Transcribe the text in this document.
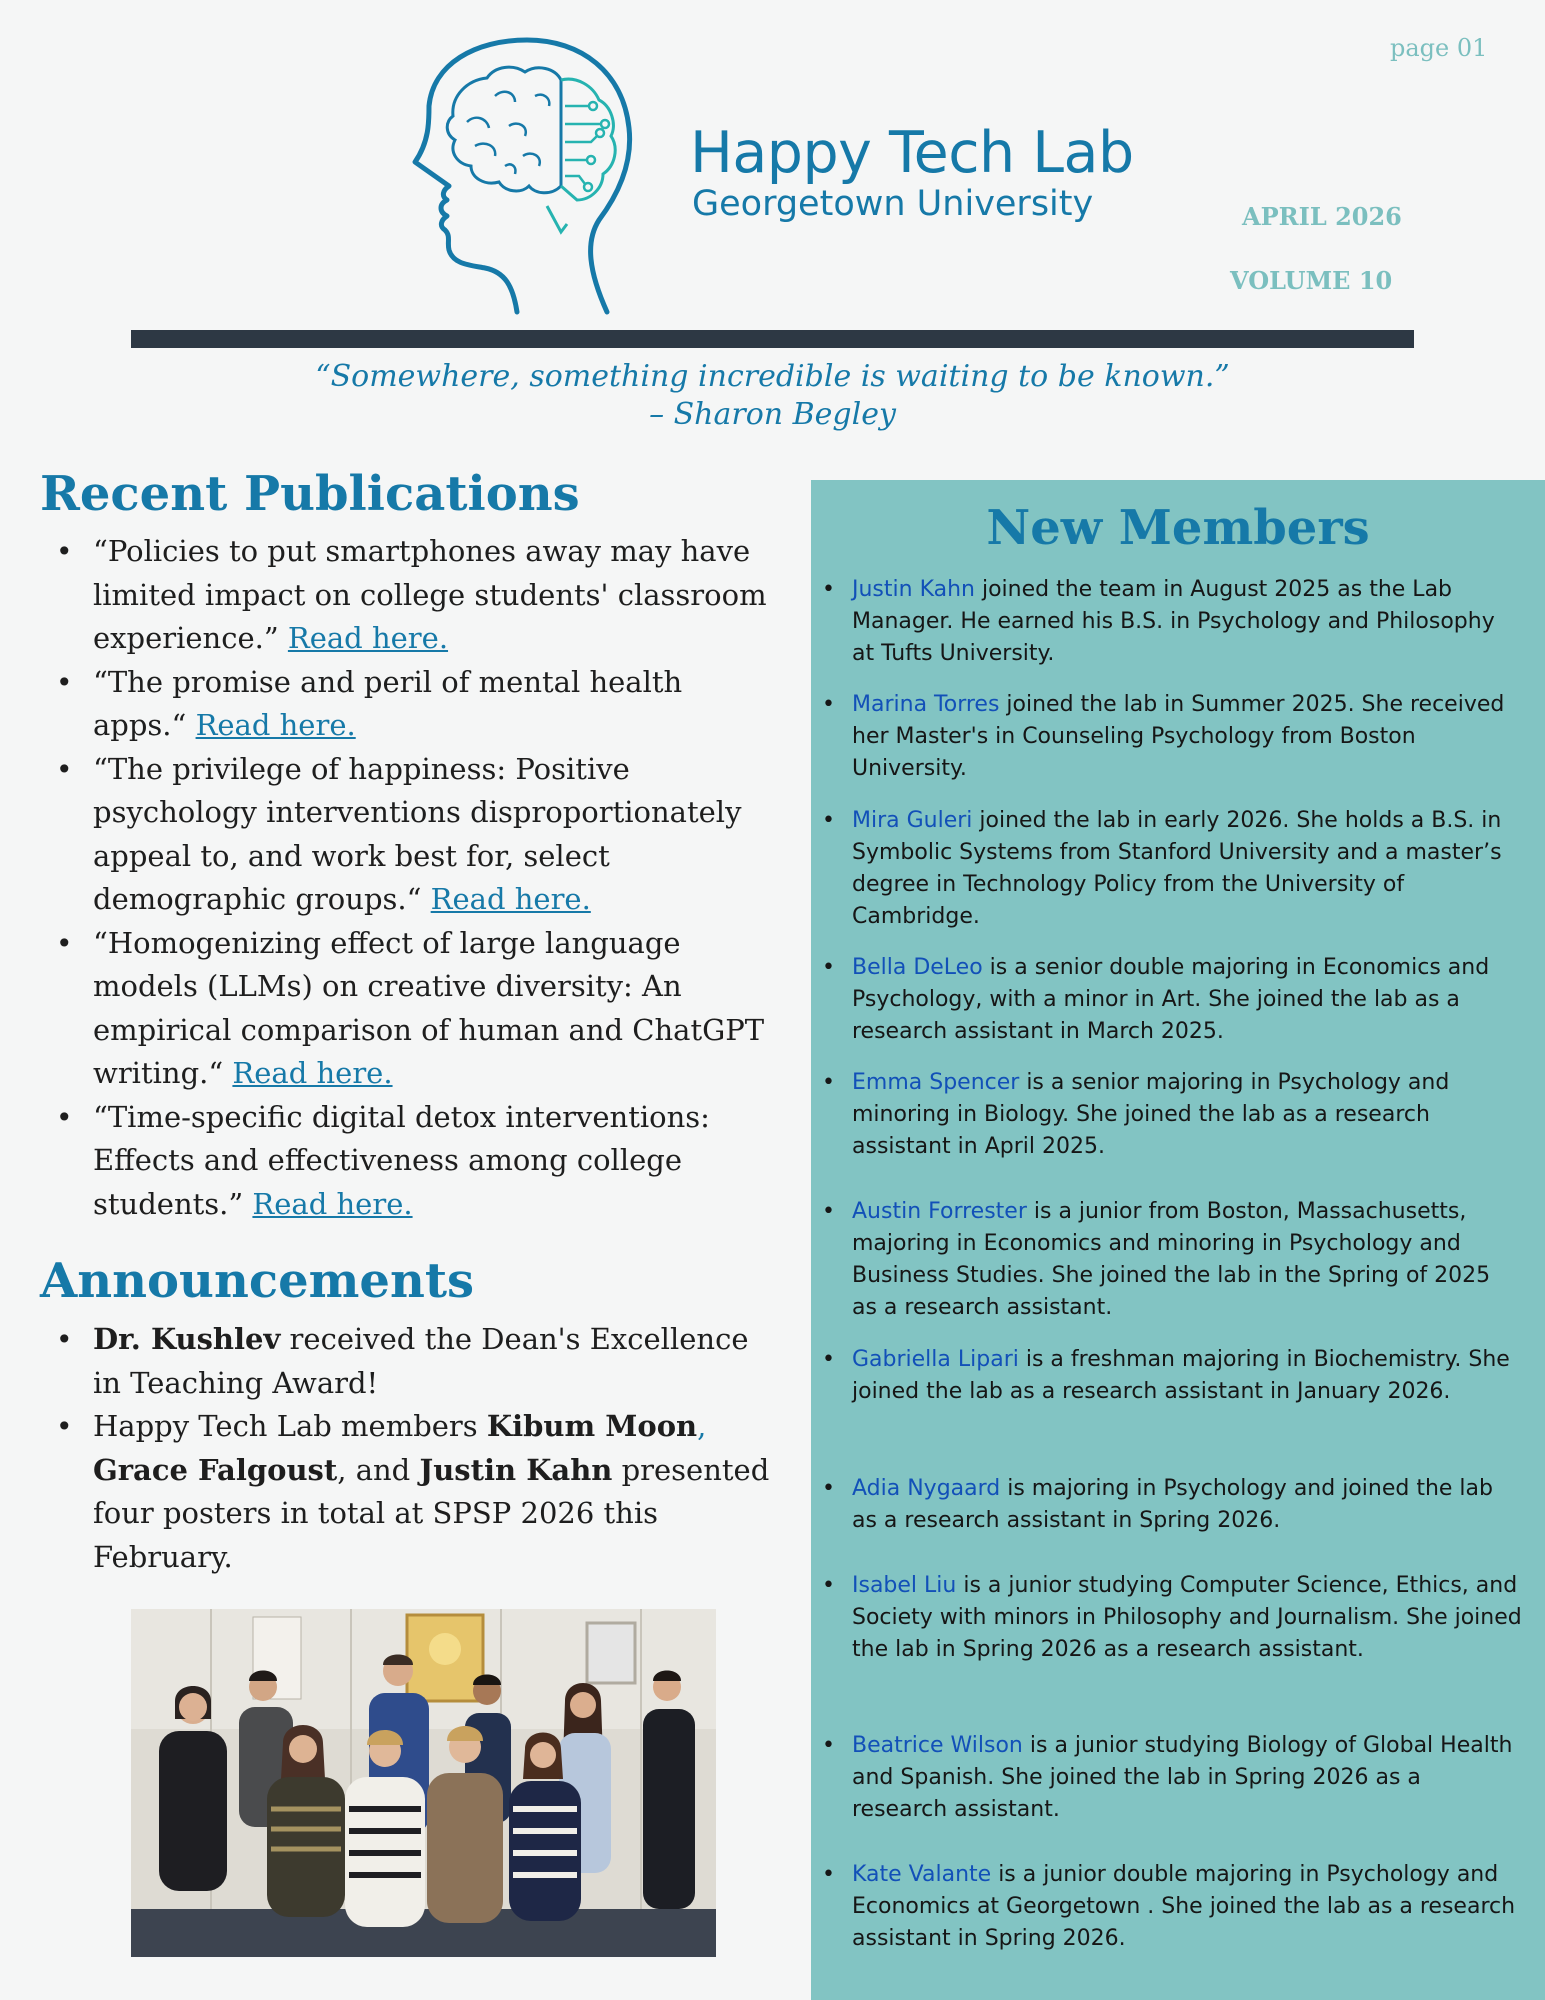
page 01
Happy Tech Lab
Georgetown University	APRIL 2026
VOLUME 10
“Somewhere, something incredible is waiting to be known.”
– Sharon Begley
Recent Publications
• “Policies to put smartphones away may have limited impact on college students' classroom experience.” Read here.
• “The promise and peril of mental health apps.“ Read here.
• “The privilege of happiness: Positive psychology interventions disproportionately appeal to, and work best for, select demographic groups.“ Read here.
• “Homogenizing effect of large language models (LLMs) on creative diversity: An empirical comparison of human and ChatGPT writing.“ Read here.
• “Time-specific digital detox interventions: Effects and effectiveness among college students.” Read here.
Announcements
• Dr. Kushlev received the Dean's Excellence in Teaching Award!
• Happy Tech Lab members Kibum Moon, Grace Falgoust, and Justin Kahn presented four posters in total at SPSP 2026 this February.
New Members
• Justin Kahn joined the team in August 2025 as the Lab Manager. He earned his B.S. in Psychology and Philosophy at Tufts University.
• Marina Torres joined the lab in Summer 2025. She received her Master's in Counseling Psychology from Boston University.
• Mira Guleri joined the lab in early 2026. She holds a B.S. in Symbolic Systems from Stanford University and a master’s degree in Technology Policy from the University of Cambridge.
• Bella DeLeo is a senior double majoring in Economics and Psychology, with a minor in Art. She joined the lab as a research assistant in March 2025.
• Emma Spencer is a senior majoring in Psychology and minoring in Biology. She joined the lab as a research assistant in April 2025.
• Austin Forrester is a junior from Boston, Massachusetts, majoring in Economics and minoring in Psychology and Business Studies. She joined the lab in the Spring of 2025 as a research assistant.
• Gabriella Lipari is a freshman majoring in Biochemistry. She joined the lab as a research assistant in January 2026.
• Adia Nygaard is majoring in Psychology and joined the lab as a research assistant in Spring 2026.
• Isabel Liu is a junior studying Computer Science, Ethics, and Society with minors in Philosophy and Journalism. She joined the lab in Spring 2026 as a research assistant.
• Beatrice Wilson is a junior studying Biology of Global Health and Spanish. She joined the lab in Spring 2026 as a research assistant.
• Kate Valante is a junior double majoring in Psychology and Economics at Georgetown . She joined the lab as a research assistant in Spring 2026.
